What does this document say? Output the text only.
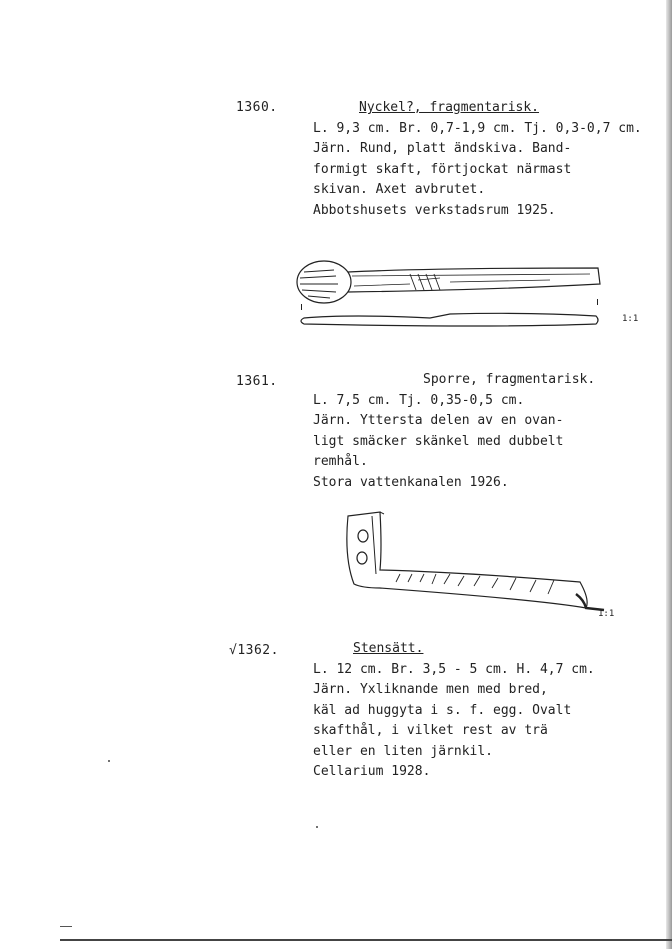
1360.	Nyckel?, fragmentarisk.
L. 9,3 cm. Br. 0,7-1,9 cm. Tj. 0,3-0,7 cm.
Järn. Rund, platt ändskiva. Band-
formigt skaft, förtjockat närmast
skivan. Axet avbrutet.
Abbotshusets verkstadsrum 1925.
1:1
1361.	Sporre, fragmentarisk.
L. 7,5 cm. Tj. 0,35-0,5 cm.
Järn. Yttersta delen av en ovan-
ligt smäcker skänkel med dubbelt
remhål.
Stora vattenkanalen 1926.
1:1
√1362.	Stensätt.
L. 12 cm. Br. 3,5 - 5 cm. H. 4,7 cm.
Järn. Yxliknande men med bred,
käl ad huggyta i s. f. egg. Ovalt
skafthål, i vilket rest av trä
eller en liten järnkil.
Cellarium 1928.
